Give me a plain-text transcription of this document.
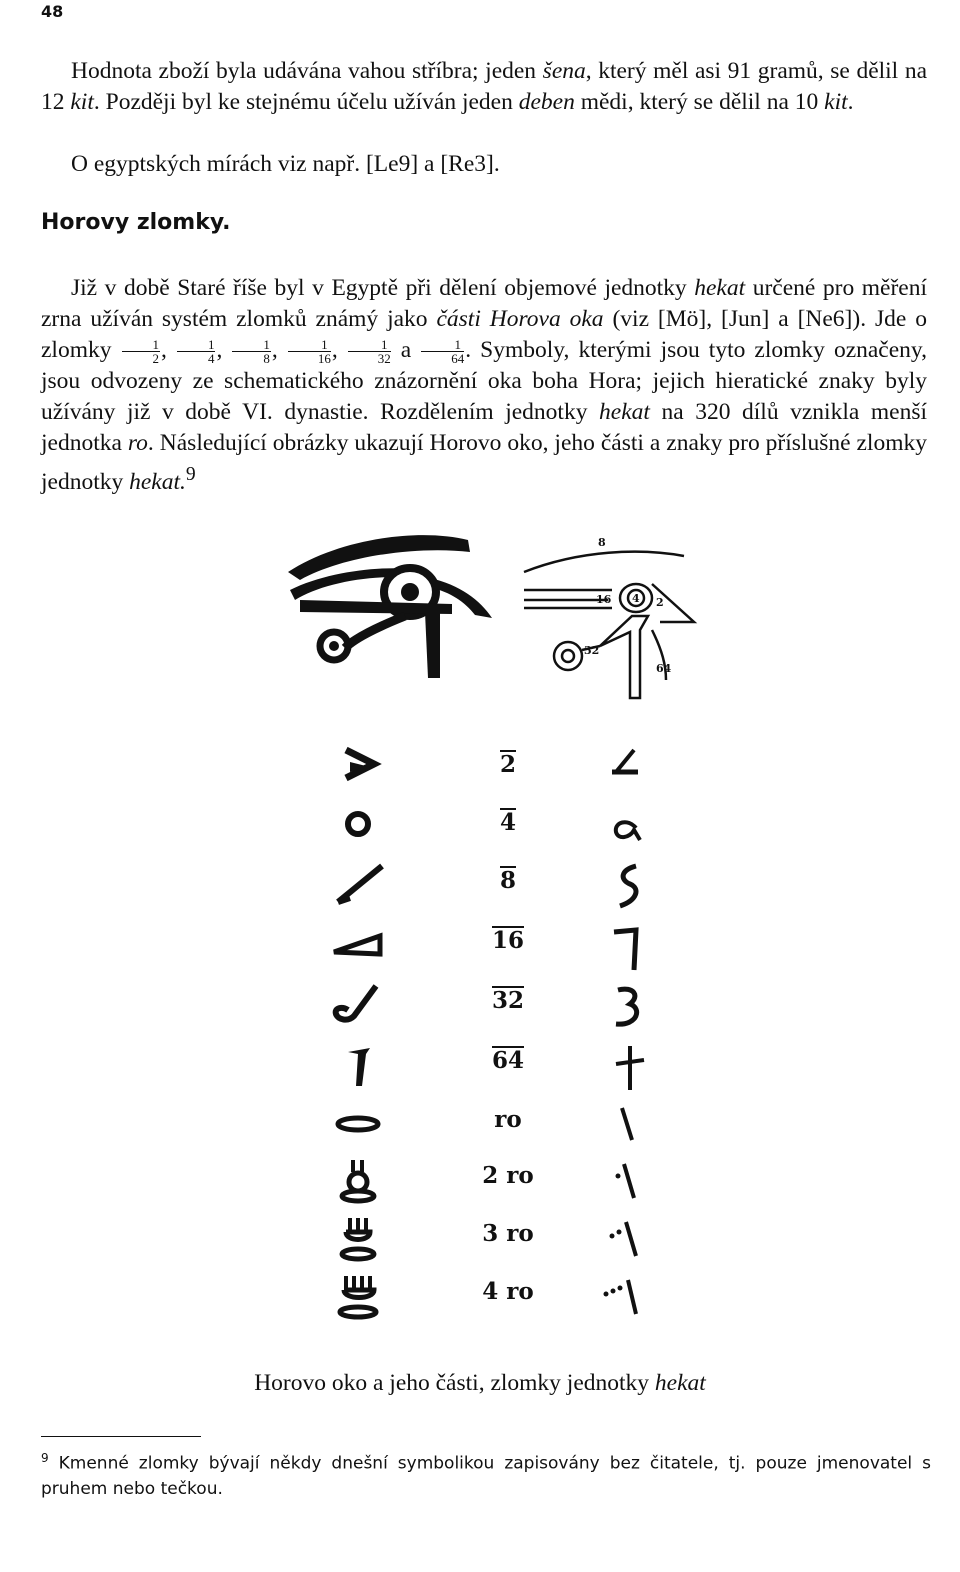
48

Hodnota zboží byla udávána vahou stříbra; jeden šena, který měl asi 91 gramů, se dělil na 12 kit. Později byl ke stejnému účelu užíván jeden deben mědi, který se dělil na 10 kit.

O egyptských mírách viz např. [Le9] a [Re3].

Horovy zlomky.

Již v době Staré říše byl v Egyptě při dělení objemové jednotky hekat určené pro měření zrna užíván systém zlomků známý jako části Horova oka (viz [Mö], [Jun] a [Ne6]). Jde o zlomky $\frac{1}{2}$ , $\frac{1}{4}$ , $\frac{1}{8}$ , $\frac{1}{16}$ , $\frac{1}{32}$ a $\frac{1}{64}$ . Symboly, kterými jsou tyto zlomky označeny, jsou odvozeny ze schematického znázornění oka boha Hora; jejich hieratické znaky byly užívány již v době VI. dynastie. Rozdělením jednotky hekat na 320 dílů vznikla menší jednotka ro. Následující obrázky ukazují Horovo oko, jeho části a znaky pro příslušné zlomky jednotky hekat.$^9$

8
16 4 2
32
64
2
4
8
16
32
64
ro
2 ro
3 ro
4 ro
Horovo oko a jeho části, zlomky jednotky hekat
$^9$ Kmenné zlomky bývají někdy dnešní symbolikou zapisovány bez čitatele, tj. pouze jmenovatel s pruhem nebo tečkou.
